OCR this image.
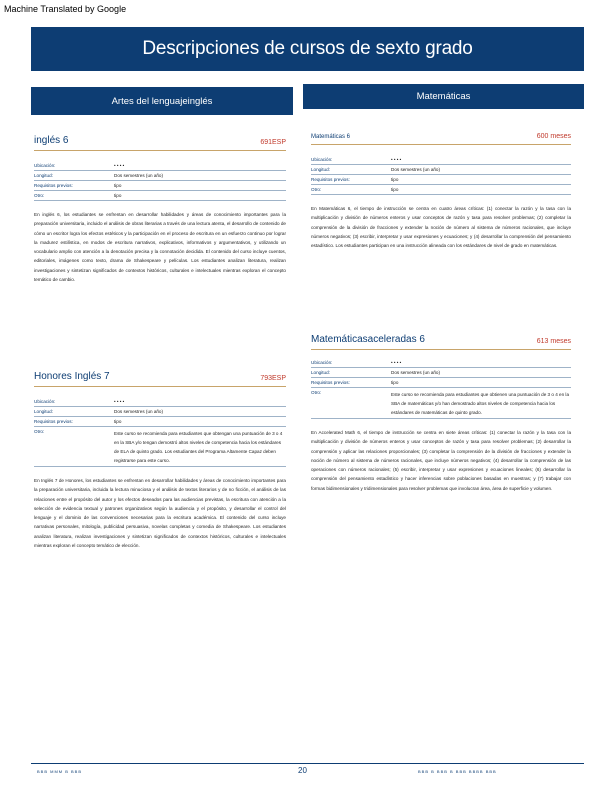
Machine Translated by Google
Descripciones de cursos de sexto grado
Artes del lenguajeinglés	Matemáticas
inglés 6	691ESP
Ubicación:	• • • •
Longitud:	Dos semestres (un año)
Requisitos previos:	tipo
Otro:	tipo
En inglés 6, los estudiantes se enfrentan en desarrollar habilidades y áreas de conocimiento importantes para la preparación universitaria, incluido el análisis de obras literarias a través de una lectura atenta, el desarrollo de contenido de cómo un escritor logra los efectos estéticos y la participación en el proceso de escritura en un esfuerzo continuo por lograr la madurez estilística, en modos de escritura narrativos, explicativos, informativos y argumentativos, y utilizando un vocabulario amplio con atención a la denotación precisa y la connotación decidida. El contenido del curso incluye cuentos, editoriales, imágenes como texto, drama de Shakespeare y películas. Los estudiantes analizan literatura, realizan investigaciones y sintetizan significados de contextos históricos, culturales e intelectuales mientras exploran el concepto temático de cambio.
Honores Inglés 7	793ESP
Ubicación:	• • • •
Longitud:	Dos semestres (un año)
Requisitos previos:	tipo
Otro:	Este curso se recomienda para estudiantes que obtengan una puntuación de 3 o 4 en la SBA y/o tengan demostró altos niveles de competencia hacia los estándares de ELA de quinto grado. Los estudiantes del Programa Altamente Capaz deben registrarse para este curso.
En Inglés 7 de Honores, los estudiantes se enfrentan en desarrollar habilidades y áreas de conocimiento importantes para la preparación universitaria, incluida la lectura minuciosa y el análisis de textos literarios y de no ficción, el análisis de las relaciones entre el propósito del autor y los efectos deseados para las audiencias previstas, la escritura con atención a la selección de evidencia textual y patrones organizativos según la audiencia y el propósito, y desarrollar el control del lenguaje y el dominio de las convenciones necesarias para la escritura académica. El contenido del curso incluye narrativas personales, mitología, publicidad persuasiva, novelas completas y comedia de Shakespeare. Los estudiantes analizan literatura, realizan investigaciones y sintetizan significados de contextos históricos, culturales e intelectuales mientras exploran el concepto temático de elección.
Matemáticas 6	600 meses
Ubicación:	• • • •
Longitud:	Dos semestres (un año)
Requisitos previos:	tipo
Otro:	tipo
En Matemáticas 6, el tiempo de instrucción se centra en cuatro áreas críticas: (1) conectar la razón y la tasa con la multiplicación y división de números enteros y usar conceptos de razón y tasa para resolver problemas; (2) completar la comprensión de la división de fracciones y extender la noción de número al sistema de números racionales, que incluye números negativos; (3) escribir, interpretar y usar expresiones y ecuaciones; y (4) desarrollar la comprensión del pensamiento estadístico. Los estudiantes participan en una instrucción alineada con los estándares de nivel de grado en matemáticas.
Matemáticasaceleradas 6	613 meses
Ubicación:	• • • •
Longitud:	Dos semestres (un año)
Requisitos previos:	tipo
Otro:	Este curso se recomienda para estudiantes que obtienen una puntuación de 3 o 4 en la SBA de matemáticas y/o han demostrado altos niveles de competencia hacia los estándares de matemáticas de quinto grado.
En Accelerated Math 6, el tiempo de instrucción se centra en siete áreas críticas: (1) conectar la razón y la tasa con la multiplicación y división de números enteros y usar conceptos de razón y tasa para resolver problemas; (2) desarrollar la comprensión y aplicar las relaciones proporcionales; (3) completar la comprensión de la división de fracciones y extender la noción de número al sistema de números racionales, que incluye números negativos; (4) desarrollar la comprensión de las operaciones con números racionales; (5) escribir, interpretar y usar expresiones y ecuaciones lineales; (6) desarrollar la comprensión del pensamiento estadístico y hacer inferencias sobre poblaciones basadas en muestras; y (7) trabajar con formas bidimensionales y tridimensionales para resolver problemas que involucran área, área de superficie y volumen.
BBB MMM B BBB	20	BBB B BBB B BBB BBBB BBB
